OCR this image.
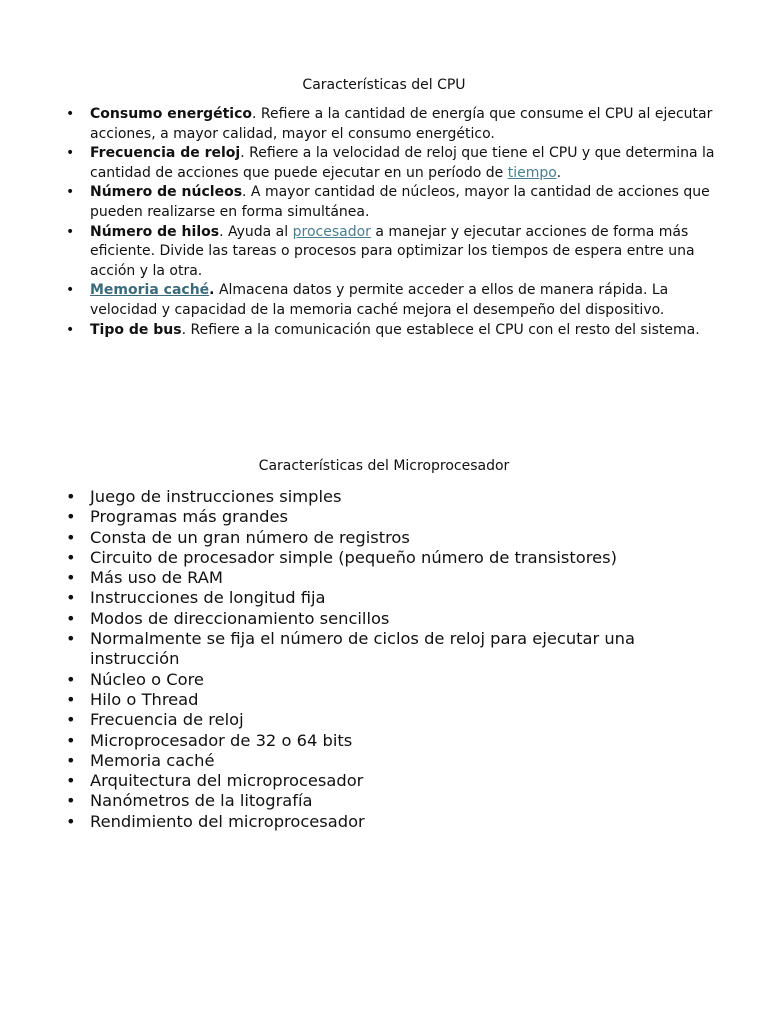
Características del CPU
• Consumo energético. Refiere a la cantidad de energía que consume el CPU al ejecutar acciones, a mayor calidad, mayor el consumo energético.
• Frecuencia de reloj. Refiere a la velocidad de reloj que tiene el CPU y que determina la cantidad de acciones que puede ejecutar en un período de tiempo.
• Número de núcleos. A mayor cantidad de núcleos, mayor la cantidad de acciones que pueden realizarse en forma simultánea.
• Número de hilos. Ayuda al procesador a manejar y ejecutar acciones de forma más eficiente. Divide las tareas o procesos para optimizar los tiempos de espera entre una acción y la otra.
• Memoria caché. Almacena datos y permite acceder a ellos de manera rápida. La velocidad y capacidad de la memoria caché mejora el desempeño del dispositivo.
• Tipo de bus. Refiere a la comunicación que establece el CPU con el resto del sistema.
Características del Microprocesador
• Juego de instrucciones simples
• Programas más grandes
• Consta de un gran número de registros
• Circuito de procesador simple (pequeño número de transistores)
• Más uso de RAM
• Instrucciones de longitud fija
• Modos de direccionamiento sencillos
• Normalmente se fija el número de ciclos de reloj para ejecutar una instrucción
• Núcleo o Core
• Hilo o Thread
• Frecuencia de reloj
• Microprocesador de 32 o 64 bits
• Memoria caché
• Arquitectura del microprocesador
• Nanómetros de la litografía
• Rendimiento del microprocesador
